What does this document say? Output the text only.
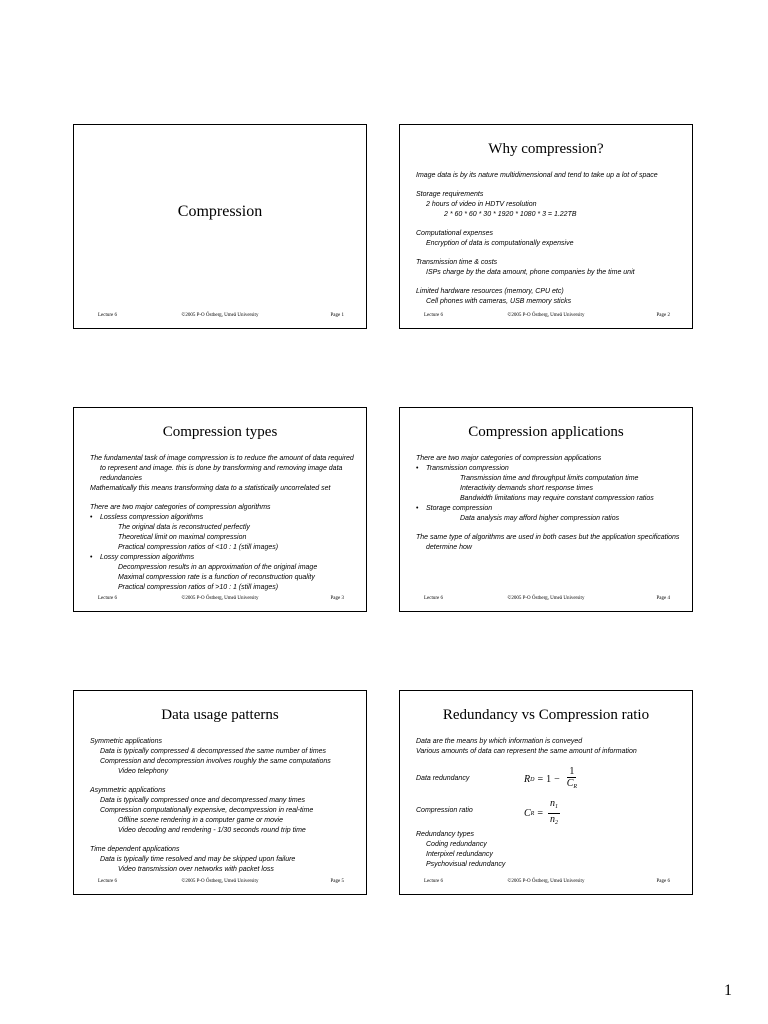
Compression
Lecture 6	©2005 P-O Östberg, Umeå University	Page 1
Why compression?
Image data is by its nature multidimensional and tend to take up a lot of space
Storage requirements
2 hours of video in HDTV resolution
2 * 60 * 60 * 30 * 1920 * 1080 * 3 = 1.22TB
Computational expenses
Encryption of data is computationally expensive
Transmission time & costs
ISPs charge by the data amount, phone companies by the time unit
Limited hardware resources (memory, CPU etc)
Cell phones with cameras, USB memory sticks
Lecture 6	©2005 P-O Östberg, Umeå University	Page 2
Compression types
The fundamental task of image compression is to reduce the amount of data required to represent and image. this is done by transforming and removing image data redundancies
Mathematically this means transforming data to a statistically uncorrelated set
There are two major categories of compression algorithms
• Lossless compression algorithms
The original data is reconstructed perfectly
Theoretical limit on maximal compression
Practical compression ratios of <10 : 1 (still images)
• Lossy compression algorithms
Decompression results in an approximation of the original image
Maximal compression rate is a function of reconstruction quality
Practical compression ratios of >10 : 1 (still images)
Lecture 6	©2005 P-O Östberg, Umeå University	Page 3
Compression applications
There are two major categories of compression applications
• Transmission compression
Transmission time and throughput limits computation time
Interactivity demands short response times
Bandwidth limitations may require constant compression ratios
• Storage compression
Data analysis may afford higher compression ratios
The same type of algorithms are used in both cases but the application specifications determine how
Lecture 6	©2005 P-O Östberg, Umeå University	Page 4
Data usage patterns
Symmetric applications
Data is typically compressed & decompressed the same number of times
Compression and decompression involves roughly the same computations
Video telephony
Asymmetric applications
Data is typically compressed once and decompressed many times
Compression computationally expensive, decompression in real-time
Offline scene rendering in a computer game or movie
Video decoding and rendering - 1/30 seconds round trip time
Time dependent applications
Data is typically time resolved and may be skipped upon failure
Video transmission over networks with packet loss
Lecture 6	©2005 P-O Östberg, Umeå University	Page 5
Redundancy vs Compression ratio
Data are the means by which information is conveyed
Various amounts of data can represent the same amount of information
Data redundancy	R $D = 1 - \frac{1}{C_R}$
Compression ratio	C $R = \frac{n_1}{n_2}$
Redundancy types
Coding redundancy
Interpixel redundancy
Psychovisual redundancy
Lecture 6	©2005 P-O Östberg, Umeå University	Page 6
1
